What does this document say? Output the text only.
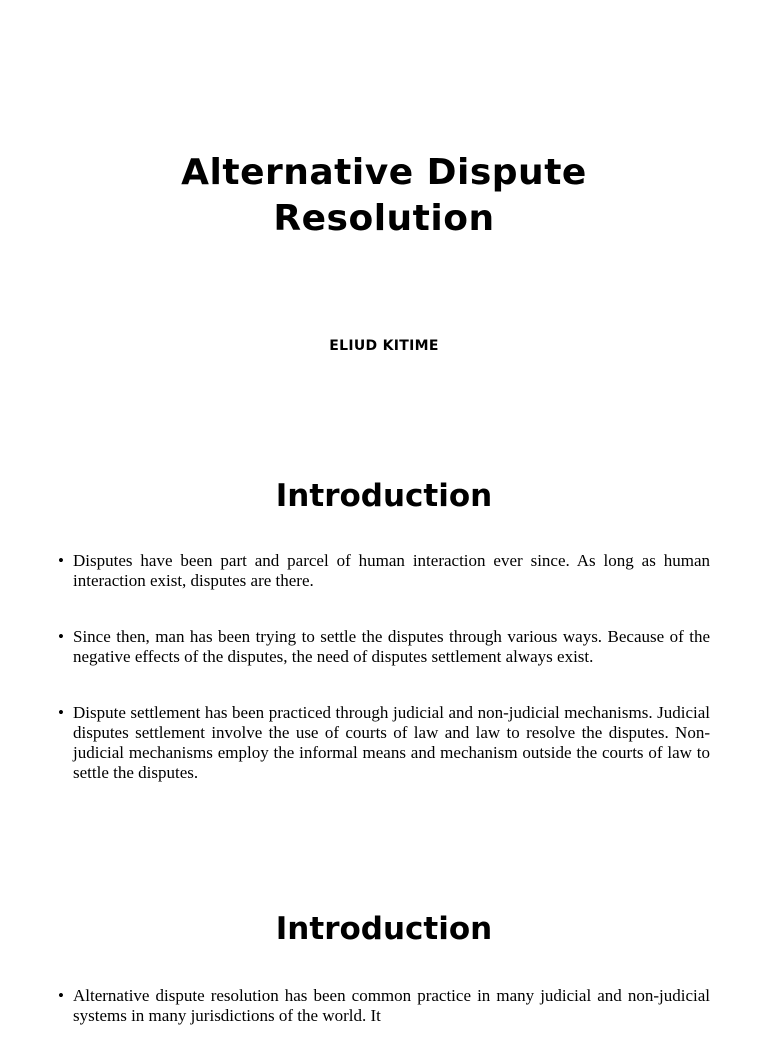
Alternative Dispute
Resolution

ELIUD KITIME

Introduction
• Disputes have been part and parcel of human interaction ever since. As long as human interaction exist, disputes are there.
• Since then, man has been trying to settle the disputes through various ways. Because of the negative effects of the disputes, the need of disputes settlement always exist.
• Dispute settlement has been practiced through judicial and non-judicial mechanisms. Judicial disputes settlement involve the use of courts of law and law to resolve the disputes. Non-judicial mechanisms employ the informal means and mechanism outside the courts of law to settle the disputes.
Introduction
• Alternative dispute resolution has been common practice in many judicial and non-judicial systems in many jurisdictions of the world. It
